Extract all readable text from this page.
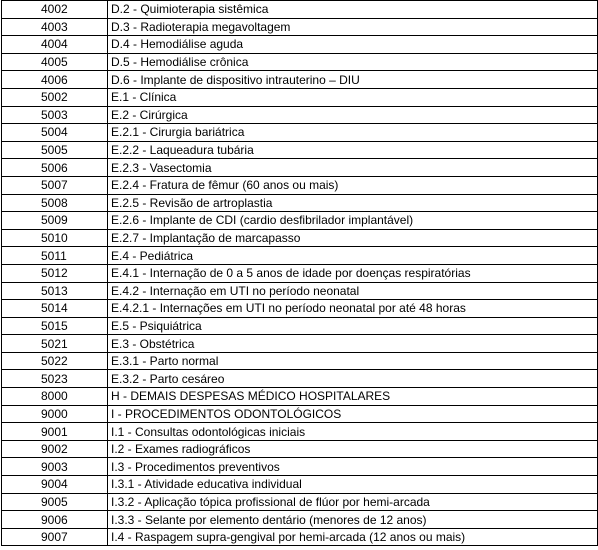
4002	D.2 - Quimioterapia sistêmica
4003	D.3 - Radioterapia megavoltagem
4004	D.4 - Hemodiálise aguda
4005	D.5 - Hemodiálise crônica
4006	D.6 - Implante de dispositivo intrauterino – DIU
5002	E.1 - Clínica
5003	E.2 - Cirúrgica
5004	E.2.1 - Cirurgia bariátrica
5005	E.2.2 - Laqueadura tubária
5006	E.2.3 - Vasectomia
5007	E.2.4 - Fratura de fêmur (60 anos ou mais)
5008	E.2.5 - Revisão de artroplastia
5009	E.2.6 - Implante de CDI (cardio desfibrilador implantável)
5010	E.2.7 - Implantação de marcapasso
5011	E.4 - Pediátrica
5012	E.4.1 - Internação de 0 a 5 anos de idade por doenças respiratórias
5013	E.4.2 - Internação em UTI no período neonatal
5014	E.4.2.1 - Internações em UTI no período neonatal por até 48 horas
5015	E.5 - Psiquiátrica
5021	E.3 - Obstétrica
5022	E.3.1 - Parto normal
5023	E.3.2 - Parto cesáreo
8000	H - DEMAIS DESPESAS MÉDICO HOSPITALARES
9000	I - PROCEDIMENTOS ODONTOLÓGICOS
9001	I.1 - Consultas odontológicas iniciais
9002	I.2 - Exames radiográficos
9003	I.3 - Procedimentos preventivos
9004	I.3.1 - Atividade educativa individual
9005	I.3.2 - Aplicação tópica profissional de flúor por hemi-arcada
9006	I.3.3 - Selante por elemento dentário (menores de 12 anos)
9007	I.4 - Raspagem supra-gengival por hemi-arcada (12 anos ou mais)
